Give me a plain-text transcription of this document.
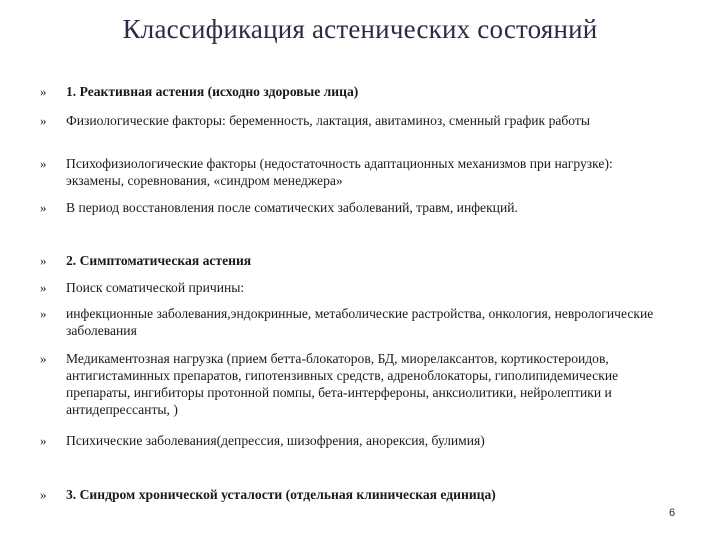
Классификация астенических состояний
» 1. Реактивная астения (исходно здоровые лица)
» Физиологические факторы: беременность, лактация, авитаминоз, сменный график работы
» Психофизиологические факторы (недостаточность адаптационных механизмов при нагрузке): экзамены, соревнования, «синдром менеджера»
» В период восстановления после соматических заболеваний, травм, инфекций.
» 2. Симптоматическая астения
» Поиск соматической причины:
» инфекционные заболевания,эндокринные, метаболические растройства, онкология, неврологические заболевания
» Медикаментозная нагрузка (прием бетта-блокаторов, БД, миорелаксантов, кортикостероидов, антигистаминных препаратов, гипотензивных средств, адреноблокаторы, гиполипидемические препараты, ингибиторы протонной помпы, бета-интерфероны, анксиолитики, нейролептики и антидепрессанты, )
» Психические заболевания(депрессия, шизофрения, анорексия, булимия)
» 3. Синдром хронической усталости (отдельная клиническая единица)
6
